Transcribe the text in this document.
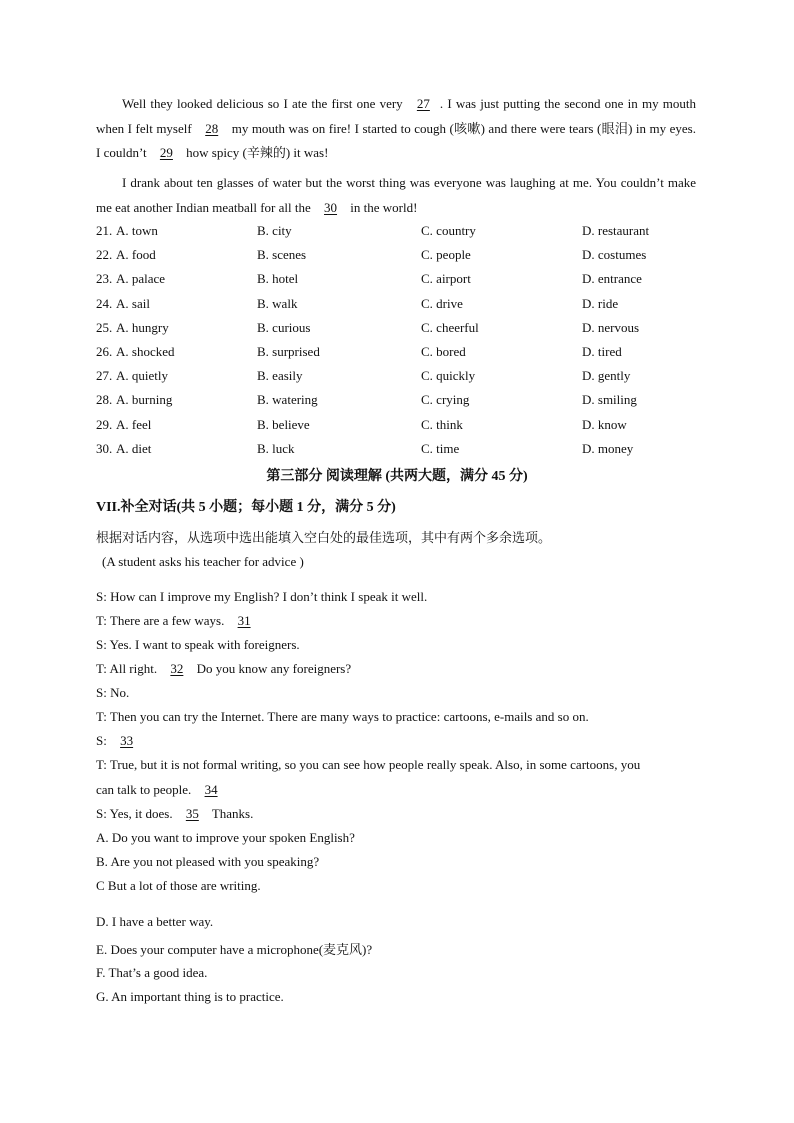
Well they looked delicious so I ate the first one very 27 . I was just putting the second one in my mouth when I felt myself 28 my mouth was on fire! I started to cough (咳嗽) and there were tears (眼泪) in my eyes. I couldn’t 29 how spicy (辛辣的) it was!
I drank about ten glasses of water but the worst thing was everyone was laughing at me. You couldn’t make me eat another Indian meatball for all the 30 in the world!
21. A. town	B. city	C. country	D. restaurant
22. A. food	B. scenes	C. people	D. costumes
23. A. palace	B. hotel	C. airport	D. entrance
24. A. sail	B. walk	C. drive	D. ride
25. A. hungry	B. curious	C. cheerful	D. nervous
26. A. shocked	B. surprised	C. bored	D. tired
27. A. quietly	B. easily	C. quickly	D. gently
28. A. burning	B. watering	C. crying	D. smiling
29. A. feel	B. believe	C. think	D. know
30. A. diet	B. luck	C. time	D. money
第三部分 阅读理解 (共两大题，满分 45 分)
VII.补全对话(共 5 小题；每小题 1 分，满分 5 分)
根据对话内容，从选项中选出能填入空白处的最佳选项，其中有两个多余选项。
(A student asks his teacher for advice )
S: How can I improve my English? I don’t think I speak it well.
T: There are a few ways. 31
S: Yes. I want to speak with foreigners.
T: All right. 32 Do you know any foreigners?
S: No.
T: Then you can try the Internet. There are many ways to practice: cartoons, e-mails and so on.
S: 33
T: True, but it is not formal writing, so you can see how people really speak. Also, in some cartoons, you
can talk to people. 34
S: Yes, it does. 35 Thanks.
A. Do you want to improve your spoken English?
B. Are you not pleased with you speaking?
C But a lot of those are writing.
D. I have a better way.
E. Does your computer have a microphone(麦克风)?
F. That’s a good idea.
G. An important thing is to practice.
